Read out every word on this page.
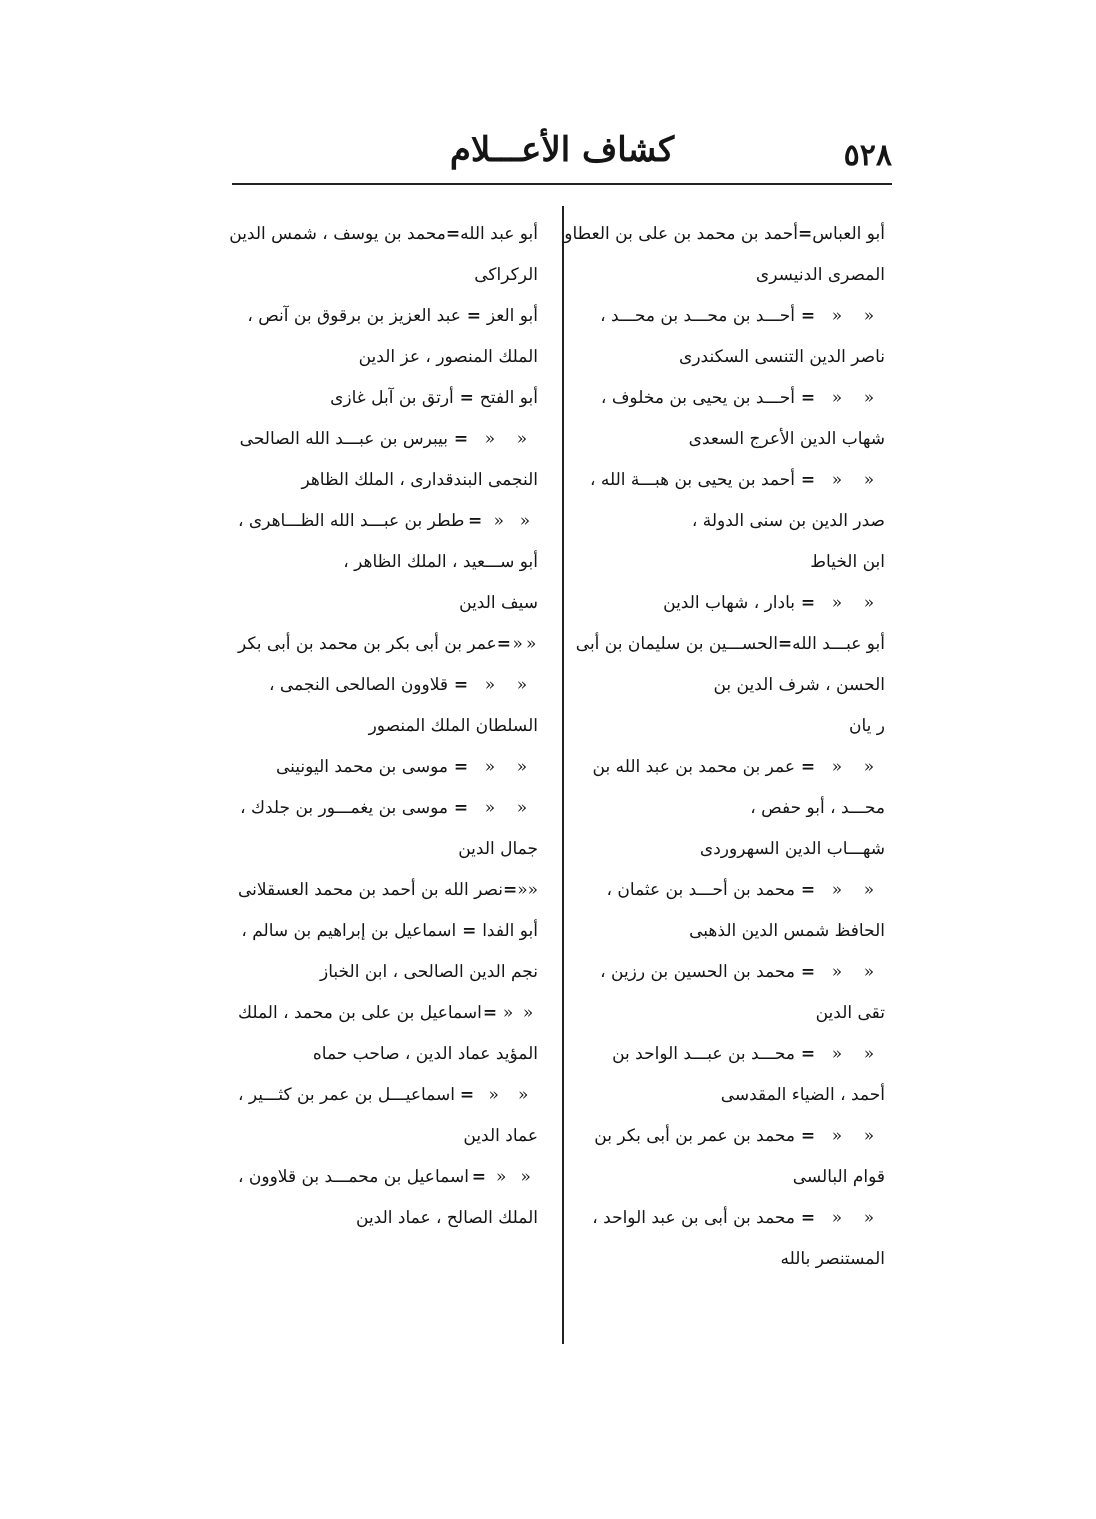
٥٢٨
كشاف الأعـــلام
أبو العباس
=
أحمد بن محمد بن على بن العطاو
المصرى الدنيسرى
«
«
=
أحـــد بن محـــد بن محـــد ،
ناصر الدين التنسى السكندرى
«
«
=
أحـــد بن يحيى بن مخلوف ،
شهاب الدين الأعرج السعدى
«
«
=
أحمد بن يحيى بن هبـــة الله ،
صدر الدين بن سنى الدولة ،
ابن الخياط
«
«
=
بادار ، شهاب الدين
أبو عبـــد الله
=
الحســـين بن سليمان بن أبى
الحسن ، شرف الدين بن
ر يان
«
«
=
عمر بن محمد بن عبد الله بن
محـــد ، أبو حفص ،
شهـــاب الدين السهروردى
«
«
=
محمد بن أحـــد بن عثمان ،
الحافظ شمس الدين الذهبى
«
«
=
محمد بن الحسين بن رزين ،
تقى الدين
«
«
=
محـــد بن عبـــد الواحد بن
أحمد ، الضياء المقدسى
«
«
=
محمد بن عمر بن أبى بكر بن
قوام البالسى
«
«
=
محمد بن أبى بن عبد الواحد ،
المستنصر بالله
أبو عبد الله
=
محمد بن يوسف ، شمس الدين
الركراكى
أبو العز
=
عبد العزيز بن برقوق بن آنص ،
الملك المنصور ، عز الدين
أبو الفتح
=
أرتق بن آبل غازى
«
«
=
بيبرس بن عبـــد الله الصالحى
النجمى البندقدارى ، الملك الظاهر
«
«
=
ططر بن عبـــد الله الظـــاهرى ،
أبو ســـعيد ، الملك الظاهر ،
سيف الدين
«
«
=
عمر بن أبى بكر بن محمد بن أبى بكر
«
«
=
قلاوون الصالحى النجمى ،
السلطان الملك المنصور
«
«
=
موسى بن محمد اليونينى
«
«
=
موسى بن يغمـــور بن جلدك ،
جمال الدين
«
«
=
نصر الله بن أحمد بن محمد العسقلانى
أبو الفدا
=
اسماعيل بن إبراهيم بن سالم ،
نجم الدين الصالحى ، ابن الخباز
«
«
=
اسماعيل بن على بن محمد ، الملك
المؤيد عماد الدين ، صاحب حماه
«
«
=
اسماعيـــل بن عمر بن كثـــير ،
عماد الدين
«
«
=
اسماعيل بن محمـــد بن قلاوون ،
الملك الصالح ، عماد الدين
